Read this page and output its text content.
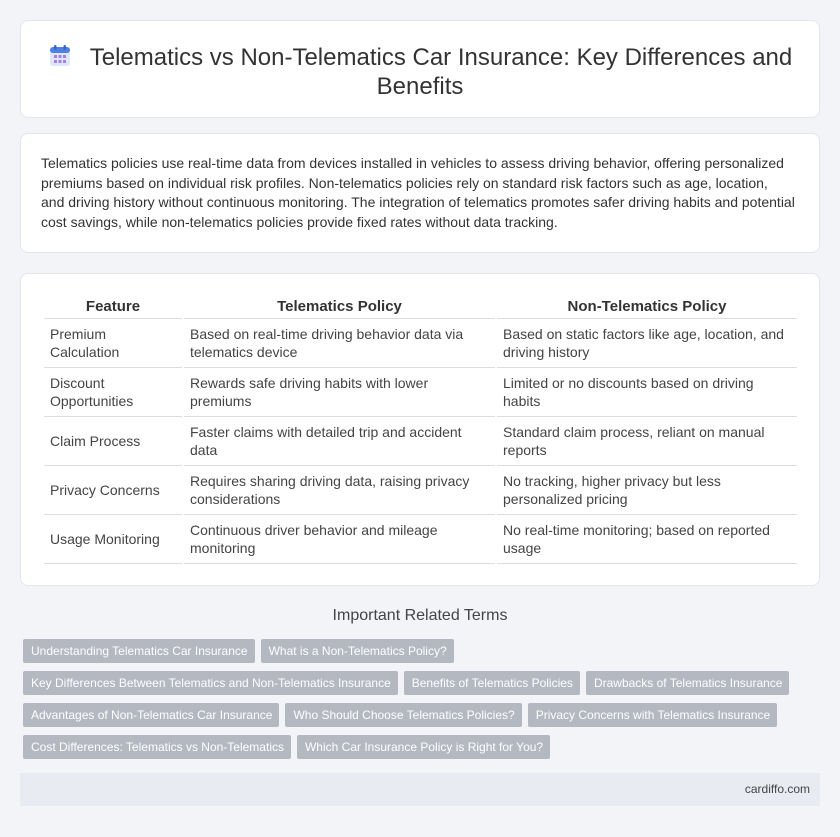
Telematics vs Non-Telematics Car Insurance: Key Differences and Benefits

Telematics policies use real-time data from devices installed in vehicles to assess driving behavior, offering personalized premiums based on individual risk profiles. Non-telematics policies rely on standard risk factors such as age, location, and driving history without continuous monitoring. The integration of telematics promotes safer driving habits and potential cost savings, while non-telematics policies provide fixed rates without data tracking.

Feature	Telematics Policy	Non-Telematics Policy
Premium Calculation	Based on real-time driving behavior data via telematics device	Based on static factors like age, location, and driving history
Discount Opportunities	Rewards safe driving habits with lower premiums	Limited or no discounts based on driving habits
Claim Process	Faster claims with detailed trip and accident data	Standard claim process, reliant on manual reports
Privacy Concerns	Requires sharing driving data, raising privacy considerations	No tracking, higher privacy but less personalized pricing
Usage Monitoring	Continuous driver behavior and mileage monitoring	No real-time monitoring; based on reported usage
Important Related Terms
Understanding Telematics Car Insurance What is a Non-Telematics Policy?
Key Differences Between Telematics and Non-Telematics Insurance Benefits of Telematics Policies Drawbacks of Telematics Insurance
Advantages of Non-Telematics Car Insurance Who Should Choose Telematics Policies? Privacy Concerns with Telematics Insurance
Cost Differences: Telematics vs Non-Telematics Which Car Insurance Policy is Right for You?
cardiffo.com
